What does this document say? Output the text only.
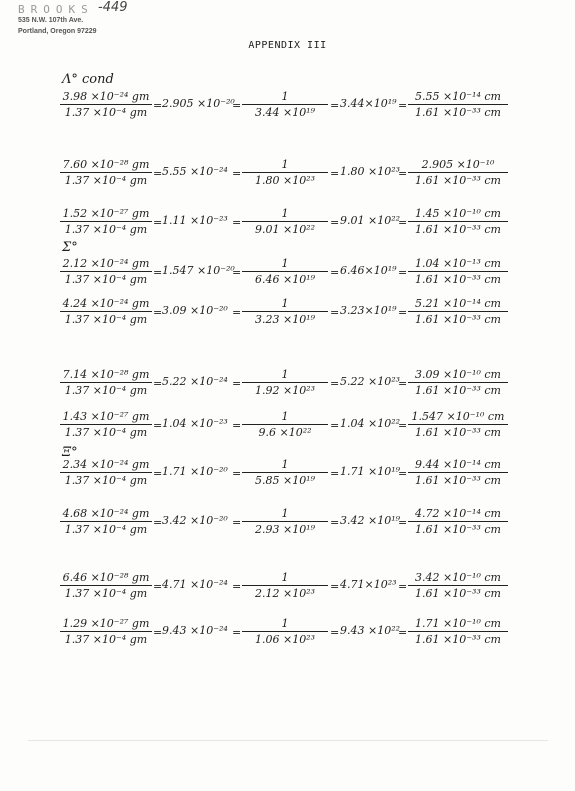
BROOKS -449
535 N.W. 107th Ave.
Portland, Oregon 97229
APPENDIX III
Λ° cond
Σ°
Ξ°
$\frac{\text{3.98 ×10⁻²⁴ gm}}{\text{1.37 ×10⁻⁴ gm}} = 2.905 \times 10^{-20}$
= $\frac{1}{\text{3.44 ×10¹⁹}} = 3.44\times 10^{19} = \frac{\text{5.55 ×10⁻¹⁴ cm}}{\text{1.61 ×10⁻³³ cm}}$
$\frac{\text{7.60 ×10⁻²⁸ gm}}{\text{1.37 ×10⁻⁴ gm}} = 5.55 \times 10^{-24} = \frac{1}{\text{1.80 ×10²³}} = 1.80 \times 10^{23}$
= $\frac{\text{2.905 ×10⁻¹⁰}}{\text{1.61 ×10⁻³³ cm}}$
$\frac{\text{1.52 ×10⁻²⁷ gm}}{\text{1.37 ×10⁻⁴ gm}} = 1.11 \times 10^{-23} = \frac{1}{\text{9.01 ×10²²}} = 9.01 \times 10^{22}$
= $\frac{\text{1.45 ×10⁻¹⁰ cm}}{\text{1.61 ×10⁻³³ cm}}$
$\frac{\text{2.12 ×10⁻²⁴ gm}}{\text{1.37 ×10⁻⁴ gm}} = 1.547 \times 10^{-20}$
= $\frac{1}{\text{6.46 ×10¹⁹}} = 6.46\times 10^{19} = \frac{\text{1.04 ×10⁻¹³ cm}}{\text{1.61 ×10⁻³³ cm}}$
$\frac{\text{4.24 ×10⁻²⁴ gm}}{\text{1.37 ×10⁻⁴ gm}} = 3.09 \times 10^{-20} = \frac{1}{\text{3.23 ×10¹⁹}} = 3.23\times 10^{19} = \frac{\text{5.21 ×10⁻¹⁴ cm}}{\text{1.61 ×10⁻³³ cm}}$
$\frac{\text{7.14 ×10⁻²⁸ gm}}{\text{1.37 ×10⁻⁴ gm}} = 5.22 \times 10^{-24} = \frac{1}{\text{1.92 ×10²³}} = 5.22 \times 10^{23}$
= $\frac{\text{3.09 ×10⁻¹⁰ cm}}{\text{1.61 ×10⁻³³ cm}}$
$\frac{\text{1.43 ×10⁻²⁷ gm}}{\text{1.37 ×10⁻⁴ gm}} = 1.04 \times 10^{-23} = \frac{1}{\text{9.6 ×10²²}} = 1.04 \times 10^{22}$
= $\frac{\text{1.547 ×10⁻¹⁰ cm}}{\text{1.61 ×10⁻³³ cm}}$
$\frac{\text{2.34 ×10⁻²⁴ gm}}{\text{1.37 ×10⁻⁴ gm}} = 1.71 \times 10^{-20} = \frac{1}{\text{5.85 ×10¹⁹}} = 1.71 \times 10^{19}$
= $\frac{\text{9.44 ×10⁻¹⁴ cm}}{\text{1.61 ×10⁻³³ cm}}$
$\frac{\text{4.68 ×10⁻²⁴ gm}}{\text{1.37 ×10⁻⁴ gm}} = 3.42 \times 10^{-20} = \frac{1}{\text{2.93 ×10¹⁹}} = 3.42 \times 10^{19}$
= $\frac{\text{4.72 ×10⁻¹⁴ cm}}{\text{1.61 ×10⁻³³ cm}}$
$\frac{\text{6.46 ×10⁻²⁸ gm}}{\text{1.37 ×10⁻⁴ gm}} = 4.71 \times 10^{-24} = \frac{1}{\text{2.12 ×10²³}} = 4.71\times 10^{23} = \frac{\text{3.42 ×10⁻¹⁰ cm}}{\text{1.61 ×10⁻³³ cm}}$
$\frac{\text{1.29 ×10⁻²⁷ gm}}{\text{1.37 ×10⁻⁴ gm}} = 9.43 \times 10^{-24} = \frac{1}{\text{1.06 ×10²³}} = 9.43 \times 10^{22}$
= $\frac{\text{1.71 ×10⁻¹⁰ cm}}{\text{1.61 ×10⁻³³ cm}}$
